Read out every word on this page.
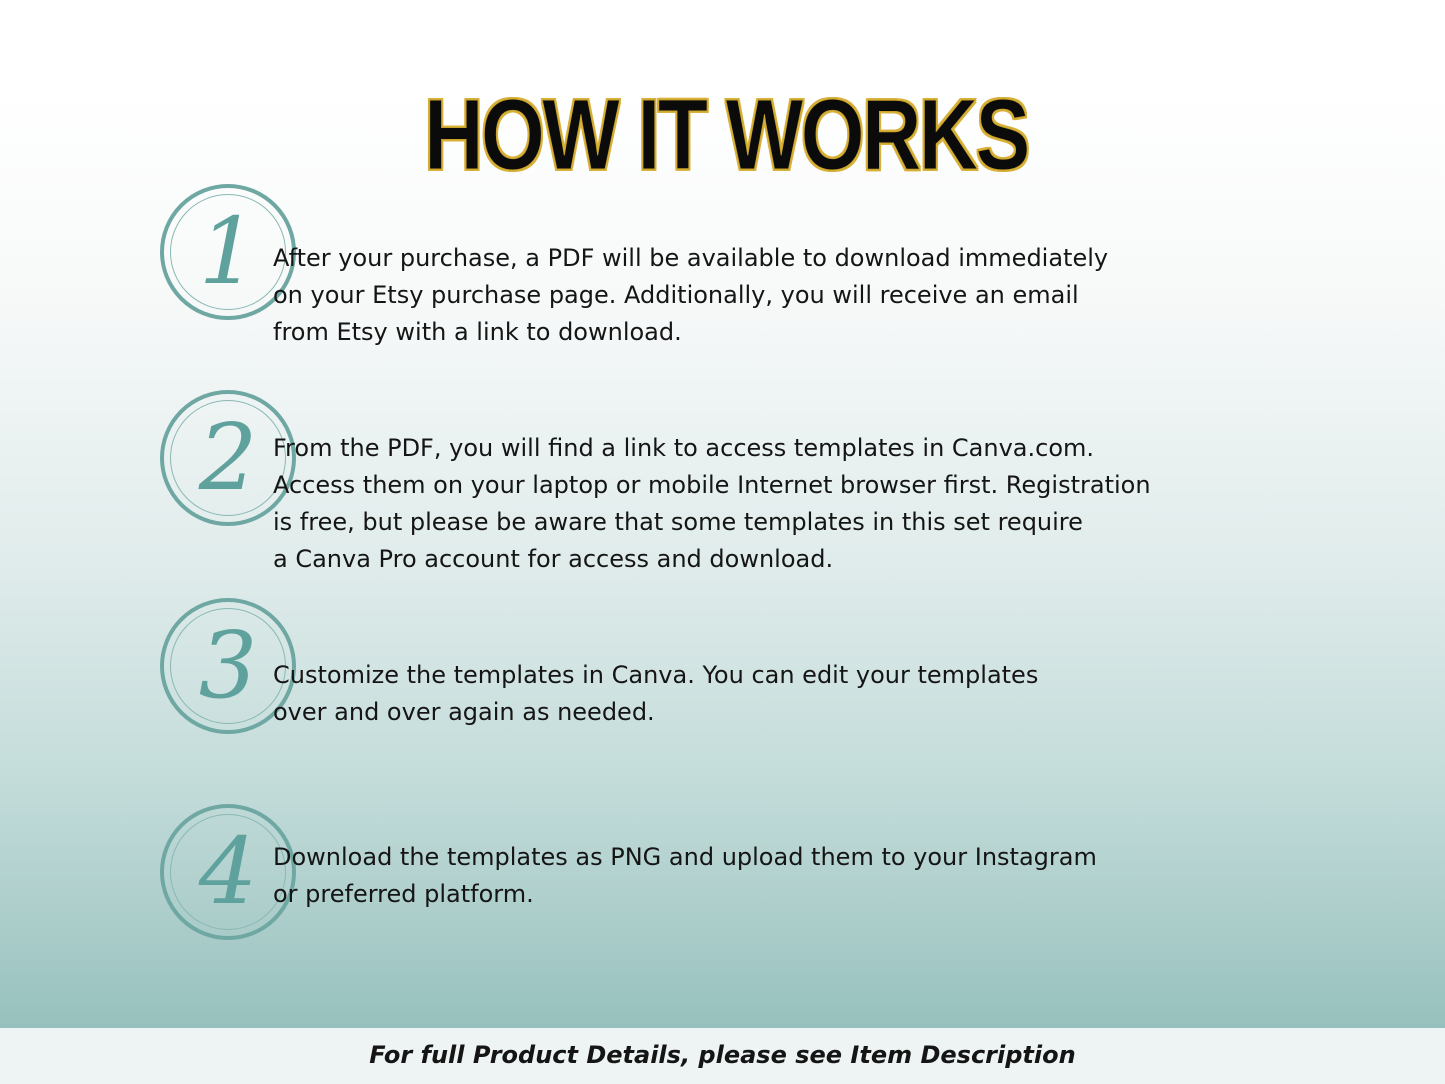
HOW IT WORKS
1 After your purchase, a PDF will be available to download immediately
on your Etsy purchase page. Additionally, you will receive an email
from Etsy with a link to download.
2 From the PDF, you will find a link to access templates in Canva.com.
Access them on your laptop or mobile Internet browser first. Registration
is free, but please be aware that some templates in this set require
a Canva Pro account for access and download.
3 Customize the templates in Canva. You can edit your templates
over and over again as needed.
4 Download the templates as PNG and upload them to your Instagram
or preferred platform.
For full Product Details, please see Item Description
